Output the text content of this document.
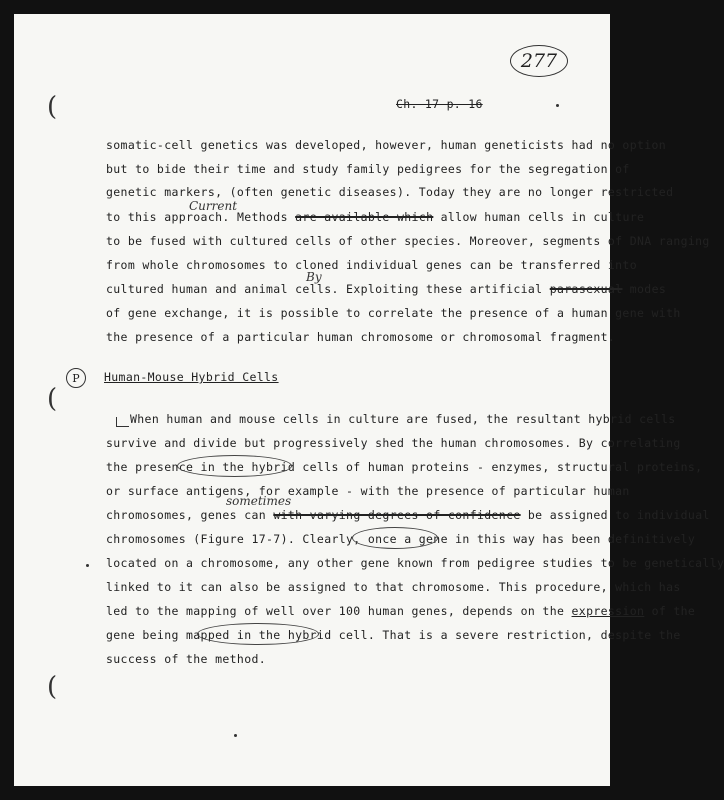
(
(
(
277
Ch. 17 p. 16
somatic-cell genetics was developed, however, human geneticists had no option
but to bide their time and study family pedigrees for the segregation of
genetic markers, (often genetic diseases). Today they are no longer restricted
Current
to this approach. Methods are available which allow human cells in culture
to be fused with cultured cells of other species. Moreover, segments of DNA ranging
from whole chromosomes to cloned individual genes can be transferred into
By
cultured human and animal cells. Exploiting these artificial parasexual modes
of gene exchange, it is possible to correlate the presence of a human gene with
the presence of a particular human chromosome or chromosomal fragment.
P	Human-Mouse Hybrid Cells
When human and mouse cells in culture are fused, the resultant hybrid cells
survive and divide but progressively shed the human chromosomes. By correlating
the presence in the hybrid cells of human proteins - enzymes, structural proteins,
or surface antigens, for example - with the presence of particular human
sometimes
chromosomes, genes can with varying degrees of confidence be assigned to individual
chromosomes (Figure 17-7). Clearly, once a gene in this way has been definitively
located on a chromosome, any other gene known from pedigree studies to be genetically
linked to it can also be assigned to that chromosome. This procedure, which has
led to the mapping of well over 100 human genes, depends on the expression of the
gene being mapped in the hybrid cell. That is a severe restriction, despite the
success of the method.
